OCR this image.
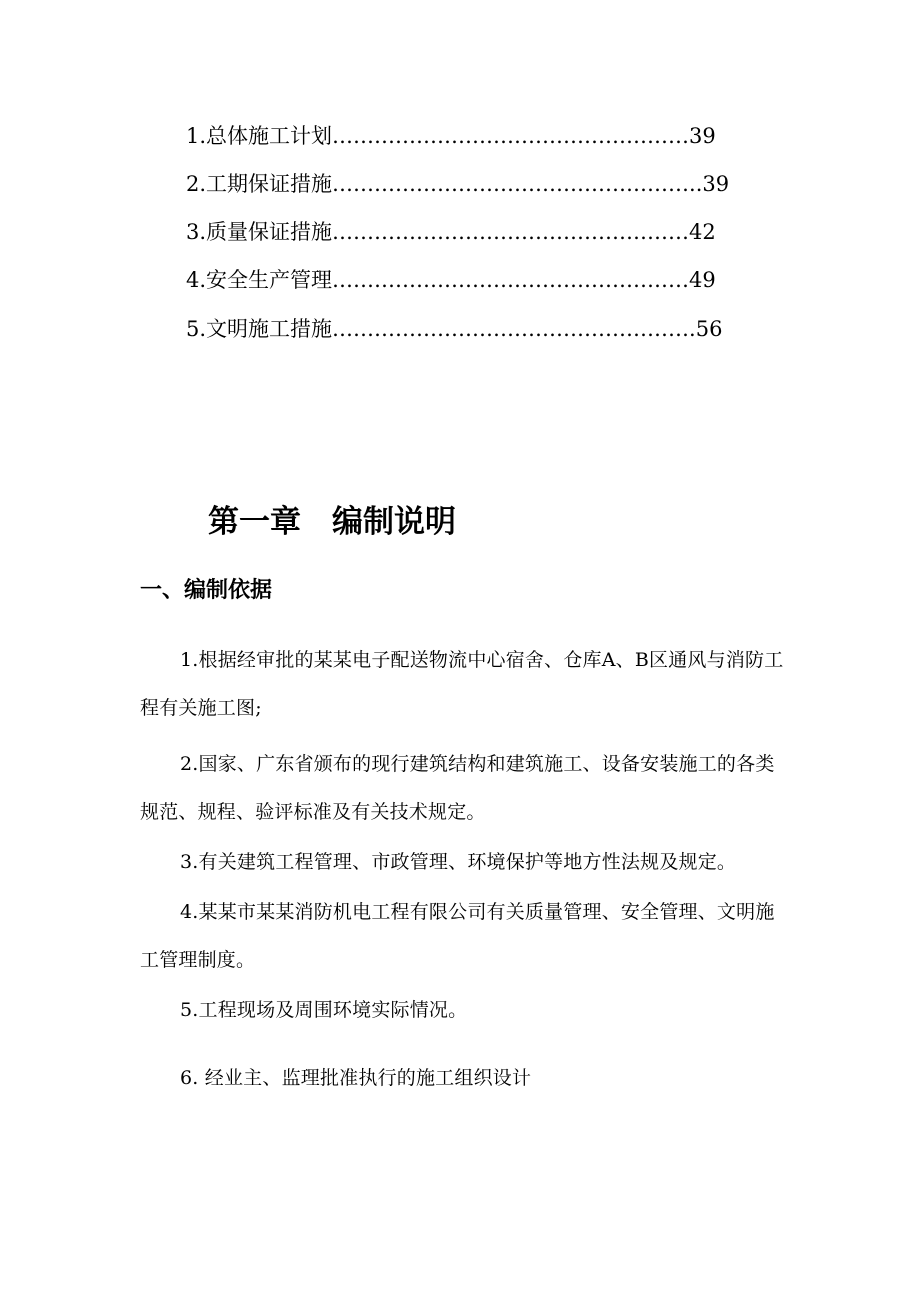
1.总体施工计划……………………………………………39
2.工期保证措施……………………………………………..39
3.质量保证措施……………………………………………42
4.安全生产管理……………………………………………49
5.文明施工措施…………………………………………….56
第一章　编制说明
一、编制依据
1.根据经审批的某某电子配送物流中心宿舍、仓库A、B区通风与消防工程有关施工图;
2.国家、广东省颁布的现行建筑结构和建筑施工、设备安装施工的各类规范、规程、验评标准及有关技术规定。
3.有关建筑工程管理、市政管理、环境保护等地方性法规及规定。
4.某某市某某消防机电工程有限公司有关质量管理、安全管理、文明施工管理制度。
5.工程现场及周围环境实际情况。
6. 经业主、监理批准执行的施工组织设计
